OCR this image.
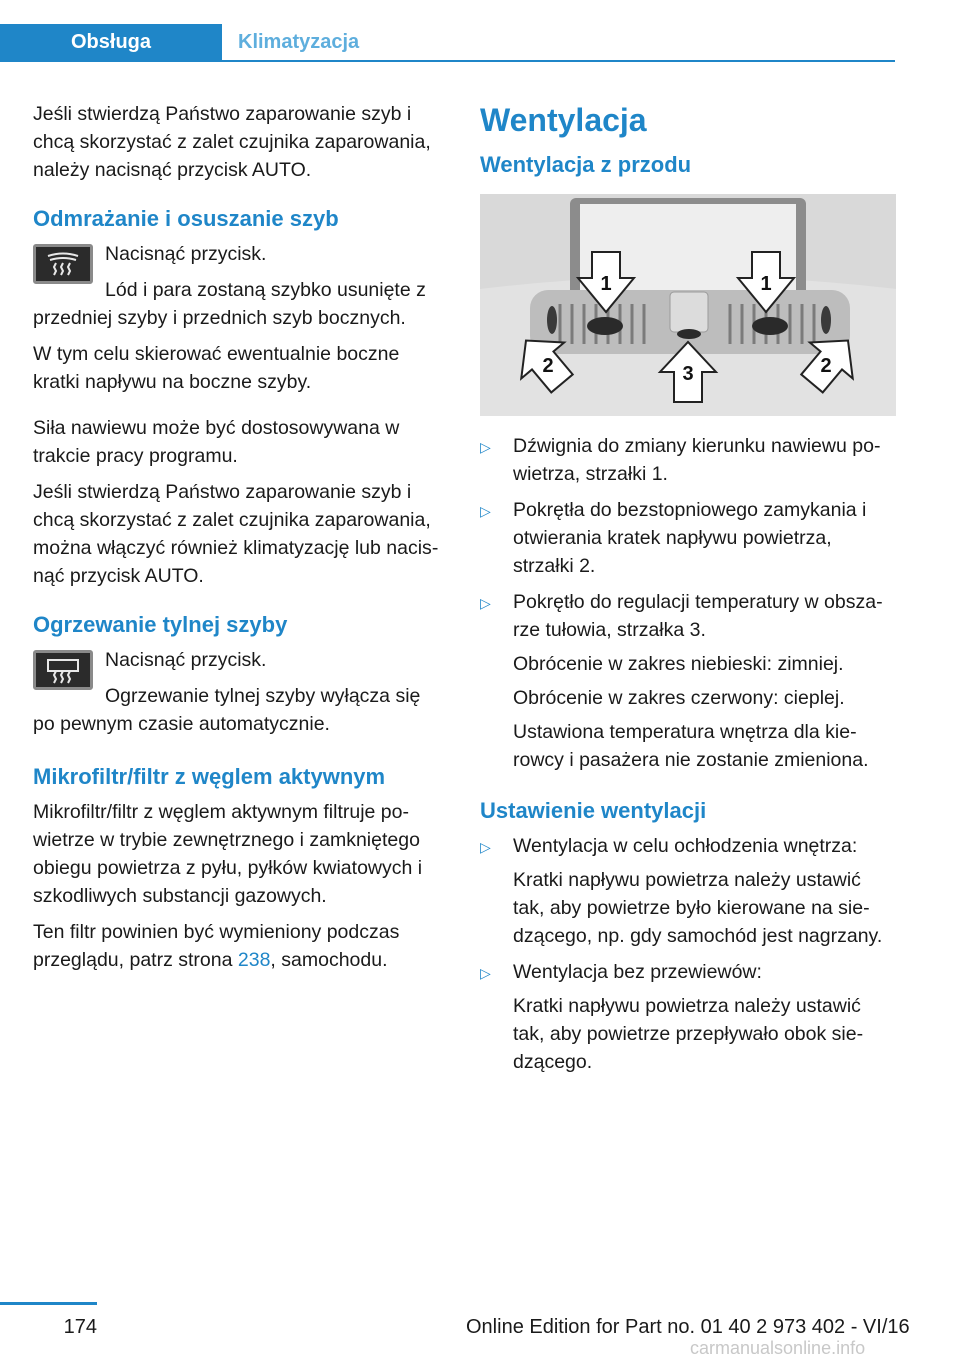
Obsługa	Klimatyzacja

Jeśli stwierdzą Państwo zaparowanie szyb i chcą skorzystać z zalet czujnika zaparowania, należy nacisnąć przycisk AUTO.

Odmrażanie i osuszanie szyb

Nacisnąć przycisk.

Lód i para zostaną szybko usunięte z przedniej szyby i przednich szyb bocznych.

W tym celu skierować ewentualnie boczne kratki napływu na boczne szyby.

Siła nawiewu może być dostosowywana w trakcie pracy programu.

Jeśli stwierdzą Państwo zaparowanie szyb i chcą skorzystać z zalet czujnika zaparowania, można włączyć również klimatyzację lub nacisnąć przycisk AUTO.

Ogrzewanie tylnej szyby

Nacisnąć przycisk.

Ogrzewanie tylnej szyby wyłącza się po pewnym czasie automatycznie.

Mikrofiltr/filtr z węglem aktywnym

Mikrofiltr/filtr z węglem aktywnym filtruje powietrze w trybie zewnętrznego i zamkniętego obiegu powietrza z pyłu, pyłków kwiatowych i szkodliwych substancji gazowych.

Ten filtr powinien być wymieniony podczas przeglądu, patrz strona 238, samochodu.

Wentylacja
Wentylacja z przodu
1	1
2	2
3
▷ Dźwignia do zmiany kierunku nawiewu powietrza, strzałki 1.
▷ Pokrętła do bezstopniowego zamykania i otwierania kratek napływu powietrza, strzałki 2.
▷ Pokrętło do regulacji temperatury w obszarze tułowia, strzałka 3.

Obrócenie w zakres niebieski: zimniej.

Obrócenie w zakres czerwony: cieplej.

Ustawiona temperatura wnętrza dla kierowcy i pasażera nie zostanie zmieniona.

Ustawienie wentylacji
▷ Wentylacja w celu ochłodzenia wnętrza:

Kratki napływu powietrza należy ustawić tak, aby powietrze było kierowane na siedzącego, np. gdy samochód jest nagrzany.

▷ Wentylacja bez przewiewów:

Kratki napływu powietrza należy ustawić tak, aby powietrze przepływało obok siedzącego.

174	Online Edition for Part no. 01 40 2 973 402 - VI/16
carmanualsonline.info
